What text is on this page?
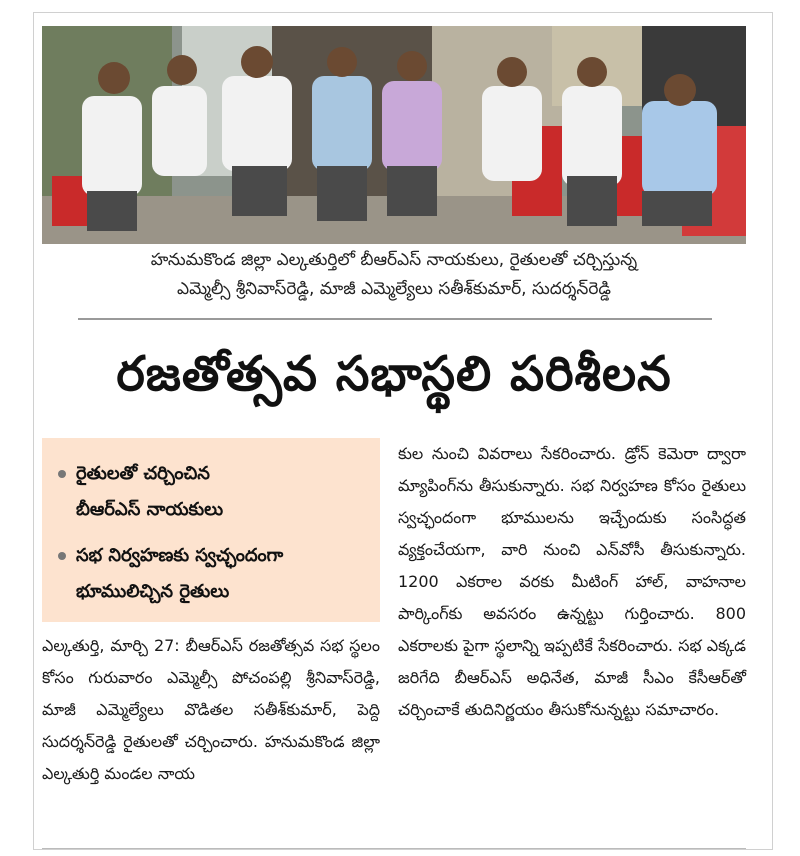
హనుమకొండ జిల్లా ఎల్కతుర్తిలో బీఆర్ఎస్ నాయకులు, రైతులతో చర్చిస్తున్న
ఎమ్మెల్సీ శ్రీనివాస్‌రెడ్డి, మాజీ ఎమ్మెల్యేలు సతీశ్‌కుమార్, సుదర్శన్‌రెడ్డి
రజతోత్సవ సభాస్థలి పరిశీలన
రైతులతో చర్చించిన
బీఆర్ఎస్ నాయకులు
సభ నిర్వహణకు స్వచ్ఛందంగా
భూములిచ్చిన రైతులు
ఎల్కతుర్తి, మార్చి 27: బీఆర్ఎస్ రజతోత్సవ సభ స్థలం కోసం గురువారం ఎమ్మెల్సీ పోచంపల్లి శ్రీనివాస్‌రెడ్డి, మాజీ ఎమ్మెల్యేలు వొడితల సతీశ్‌కుమార్, పెద్ది సుదర్శన్‌రెడ్డి రైతులతో చర్చించారు. హనుమకొండ జిల్లా ఎల్కతుర్తి మండల నాయ
కుల నుంచి వివరాలు సేకరించారు. డ్రోన్ కెమెరా ద్వారా మ్యాపింగ్‌ను తీసుకున్నారు. సభ నిర్వహణ కోసం రైతులు స్వచ్ఛందంగా భూములను ఇచ్చేందుకు సంసిద్ధత వ్యక్తంచేయగా, వారి నుంచి ఎన్‌వోసీ తీసుకున్నారు. 1200 ఎకరాల వరకు మీటింగ్ హాల్, వాహనాల పార్కింగ్‌కు అవసరం ఉన్నట్టు గుర్తించారు. 800 ఎకరాలకు పైగా స్థలాన్ని ఇప్పటికే సేకరించారు. సభ ఎక్కడ జరిగేది బీఆర్ఎస్ అధినేత, మాజీ సీఎం కేసీఆర్‌తో చర్చించాకే తుదినిర్ణయం తీసుకోనున్నట్టు సమాచారం.
